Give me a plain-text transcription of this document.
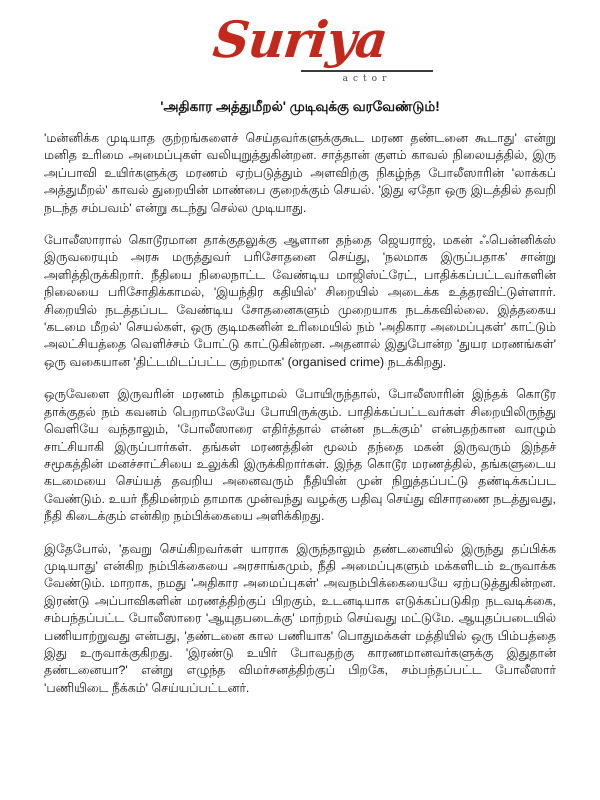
Suriya
actor
'அதிகார அத்துமீறல்' முடிவுக்கு வரவேண்டும்!

'மன்னிக்க முடியாத குற்றங்களைச் செய்தவர்களுக்குகூட மரண தண்டனை கூடாது' என்று மனித உரிமை அமைப்புகள் வலியுறுத்துகின்றன. சாத்தான் குளம் காவல் நிலையத்தில், இரு அப்பாவி உயிர்களுக்கு மரணம் ஏற்படுத்தும் அளவிற்கு நிகழ்ந்த போலீஸாரின் 'லாக்கப் அத்துமீறல்' காவல் துறையின் மாண்பை குறைக்கும் செயல். 'இது ஏதோ ஒரு இடத்தில் தவறி நடந்த சம்பவம்' என்று கடந்து செல்ல முடியாது.

போலீஸாரால் கொடூரமான தாக்குதலுக்கு ஆளான தந்தை ஜெயராஜ், மகன் ஃபென்னிக்ஸ் இருவரையும் அரசு மருத்துவர் பரிசோதனை செய்து, 'நலமாக இருப்பதாக' சான்று அளித்திருக்கிறார். நீதியை நிலைநாட்ட வேண்டிய மாஜிஸ்ட்ரேட், பாதிக்கப்பட்டவர்களின் நிலையை பரிசோதிக்காமல், 'இயந்திர கதியில்' சிறையில் அடைக்க உத்தரவிட்டுள்ளார். சிறையில் நடத்தப்பட வேண்டிய சோதனைகளும் முறையாக நடக்கவில்லை. இத்தகைய 'கடமை மீறல்' செயல்கள், ஒரு குடிமகனின் உரிமையில் நம் 'அதிகார அமைப்புகள்' காட்டும் அலட்சியத்தை வெளிச்சம் போட்டு காட்டுகின்றன. அதனால் இதுபோன்ற 'துயர மரணங்கள்' ஒரு வகையான 'திட்டமிடப்பட்ட குற்றமாக' (organised crime) நடக்கிறது.

ஒருவேளை இருவரின் மரணம் நிகழாமல் போயிருந்தால், போலீஸாரின் இந்தக் கொடூர தாக்குதல் நம் கவனம் பெறாமலேயே போயிருக்கும். பாதிக்கப்பட்டவர்கள் சிறையிலிருந்து வெளியே வந்தாலும், 'போலீஸாரை எதிர்த்தால் என்ன நடக்கும்' என்பதற்கான வாழும் சாட்சியாகி இருப்பார்கள். தங்கள் மரணத்தின் மூலம் தந்தை மகன் இருவரும் இந்தச் சமூகத்தின் மனச்சாட்சியை உலுக்கி இருக்கிறார்கள். இந்த கொடூர மரணத்தில், தங்களுடைய கடமையை செய்யத் தவறிய அனைவரும் நீதியின் முன் நிறுத்தப்பட்டு தண்டிக்கப்பட வேண்டும். உயர் நீதிமன்றம் தாமாக முன்வந்து வழக்கு பதிவு செய்து விசாரணை நடத்துவது, நீதி கிடைக்கும் என்கிற நம்பிக்கையை அளிக்கிறது.

இதேபோல், 'தவறு செய்கிறவர்கள் யாராக இருந்தாலும் தண்டனையில் இருந்து தப்பிக்க முடியாது' என்கிற நம்பிக்கையை அரசாங்கமும், நீதி அமைப்புகளும் மக்களிடம் உருவாக்க வேண்டும். மாறாக, நமது 'அதிகார அமைப்புகள்' அவநம்பிக்கையையே ஏற்படுத்துகின்றன. இரண்டு அப்பாவிகளின் மரணத்திற்குப் பிறகும், உடனடியாக எடுக்கப்படுகிற நடவடிக்கை, சம்பந்தப்பட்ட போலீஸாரை 'ஆயுதபடைக்கு' மாற்றம் செய்வது மட்டுமே. ஆயுதப்படையில் பணியாற்றுவது என்பது, 'தண்டனை கால பணியாக' பொதுமக்கள் மத்தியில் ஒரு பிம்பத்தை இது உருவாக்குகிறது. 'இரண்டு உயிர் போவதற்கு காரணமானவர்களுக்கு இதுதான் தண்டனையா?' என்று எழுந்த விமர்சனத்திற்குப் பிறகே, சம்பந்தப்பட்ட போலீஸார் 'பணியிடை நீக்கம்' செய்யப்பட்டனர்.
